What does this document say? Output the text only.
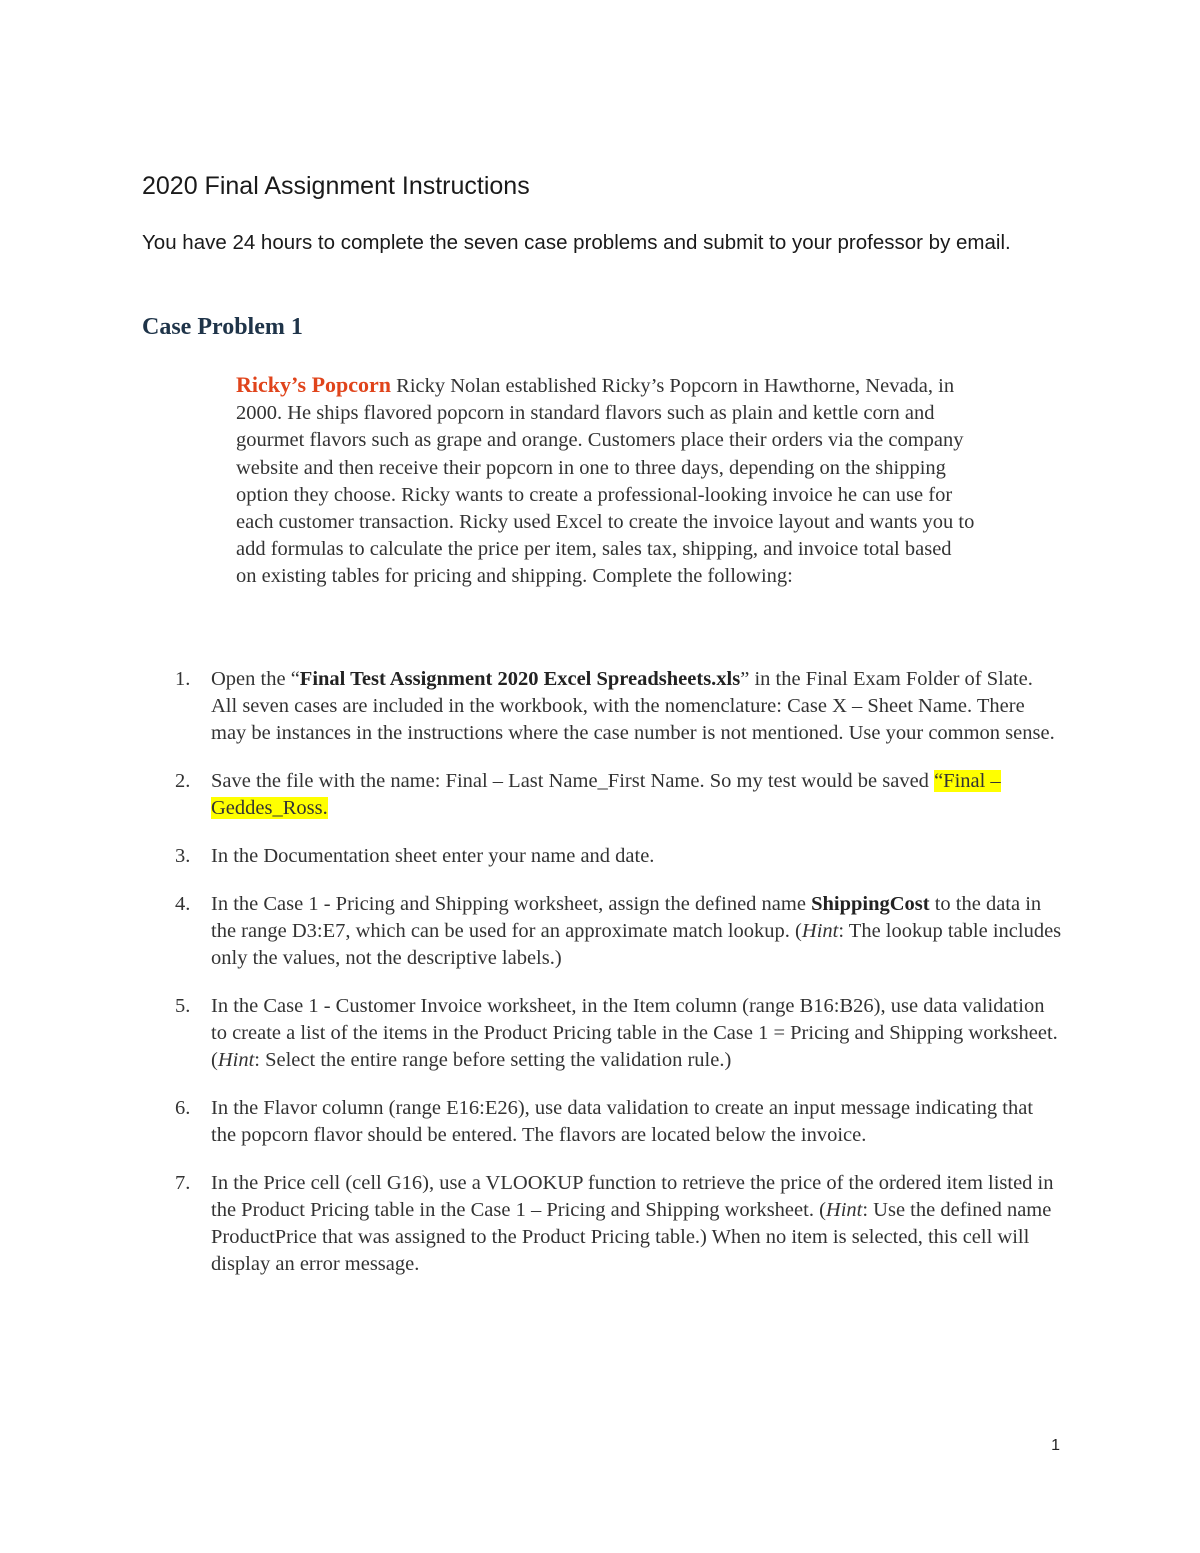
2020 Final Assignment Instructions

You have 24 hours to complete the seven case problems and submit to your professor by email.

Case Problem 1

Ricky’s Popcorn Ricky Nolan established Ricky’s Popcorn in Hawthorne, Nevada, in 2000. He ships flavored popcorn in standard flavors such as plain and kettle corn and gourmet flavors such as grape and orange. Customers place their orders via the company website and then receive their popcorn in one to three days, depending on the shipping option they choose. Ricky wants to create a professional-looking invoice he can use for each customer transaction. Ricky used Excel to create the invoice layout and wants you to add formulas to calculate the price per item, sales tax, shipping, and invoice total based on existing tables for pricing and shipping. Complete the following:

1. Open the “Final Test Assignment 2020 Excel Spreadsheets.xls” in the Final Exam Folder of Slate. All seven cases are included in the workbook, with the nomenclature: Case X – Sheet Name. There may be instances in the instructions where the case number is not mentioned. Use your common sense.
2. Save the file with the name: Final – Last Name_First Name. So my test would be saved “Final – Geddes_Ross.
3. In the Documentation sheet enter your name and date.
4. In the Case 1 - Pricing and Shipping worksheet, assign the defined name ShippingCost to the data in the range D3:E7, which can be used for an approximate match lookup. (Hint: The lookup table includes only the values, not the descriptive labels.)
5. In the Case 1 - Customer Invoice worksheet, in the Item column (range B16:B26), use data validation to create a list of the items in the Product Pricing table in the Case 1 = Pricing and Shipping worksheet. (Hint: Select the entire range before setting the validation rule.)
6. In the Flavor column (range E16:E26), use data validation to create an input message indicating that the popcorn flavor should be entered. The flavors are located below the invoice.
7. In the Price cell (cell G16), use a VLOOKUP function to retrieve the price of the ordered item listed in the Product Pricing table in the Case 1 – Pricing and Shipping worksheet. (Hint: Use the defined name ProductPrice that was assigned to the Product Pricing table.) When no item is selected, this cell will display an error message.
1
